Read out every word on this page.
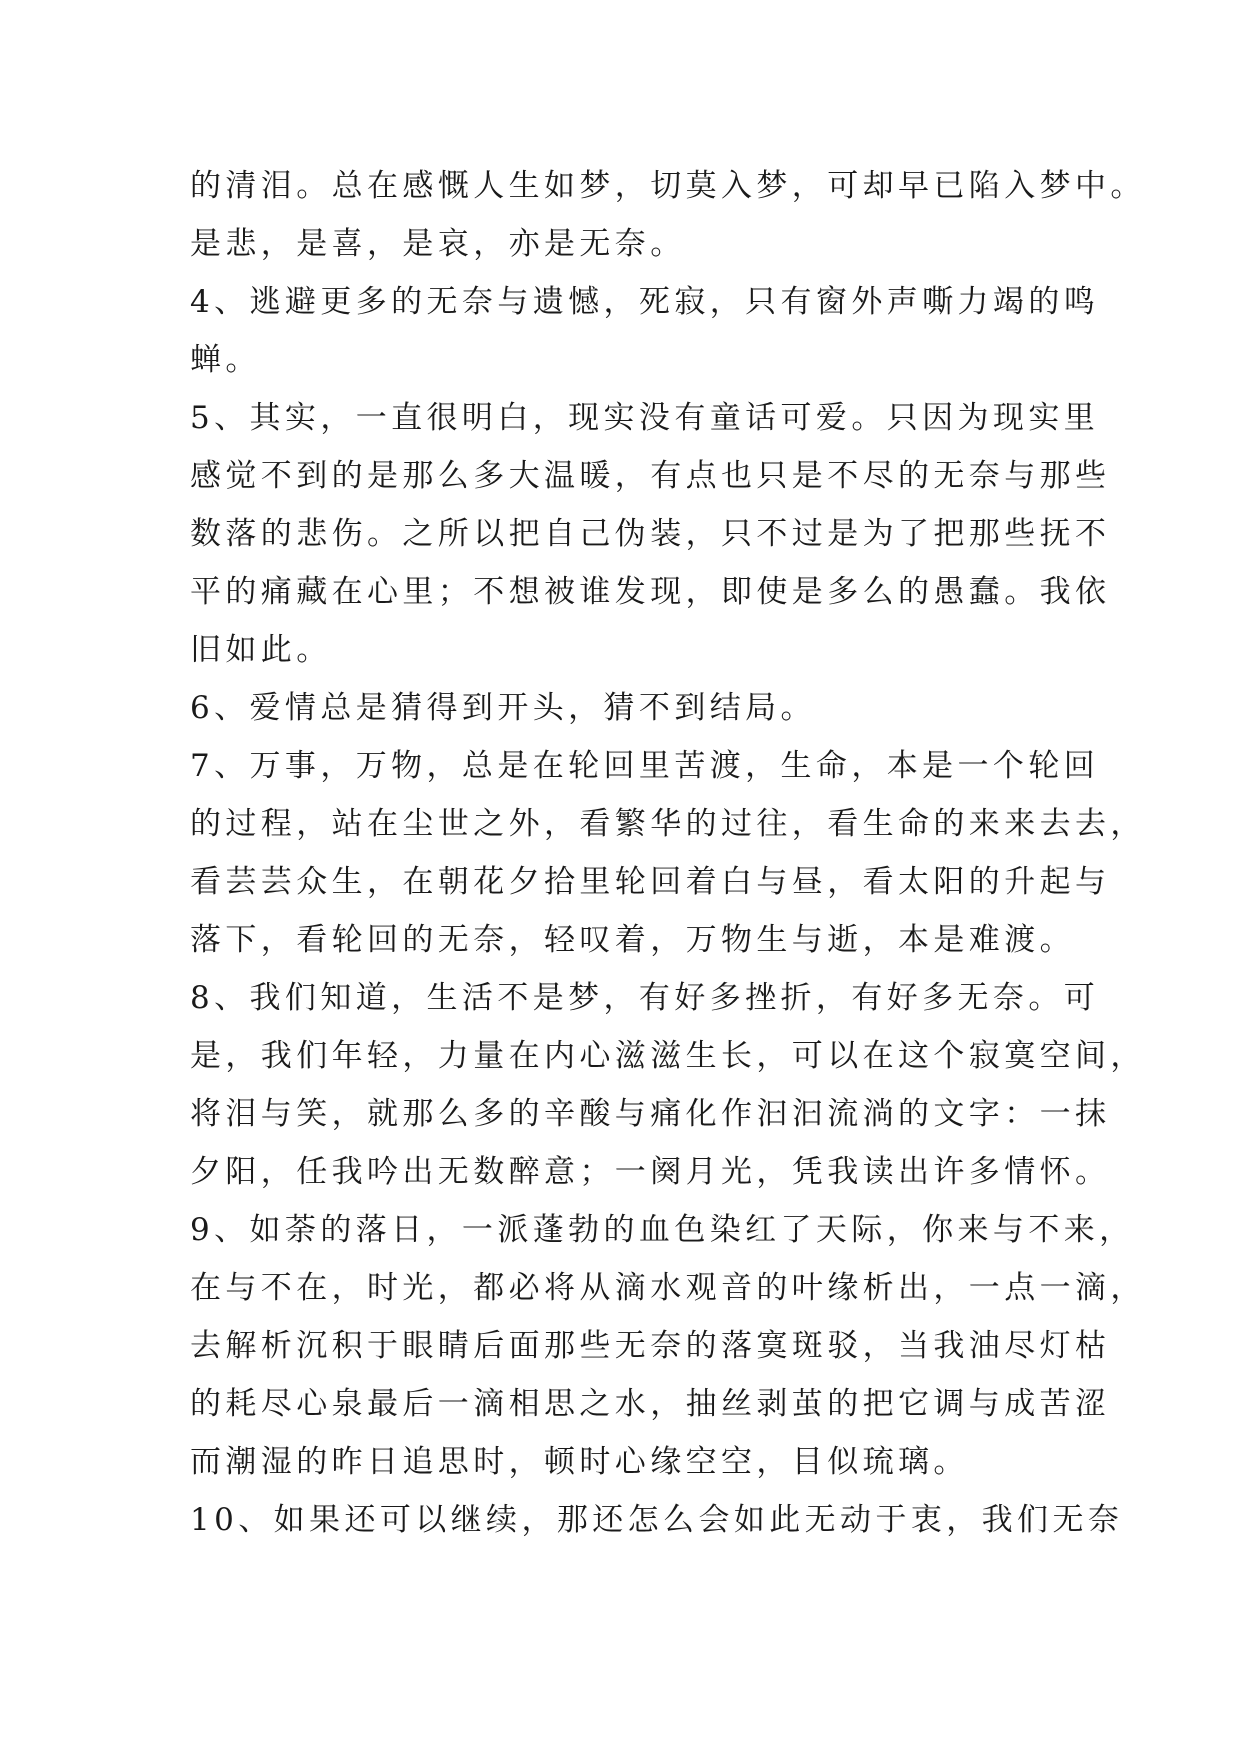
的清泪。总在感慨人生如梦，切莫入梦，可却早已陷入梦中。
是悲，是喜，是哀，亦是无奈。
4、逃避更多的无奈与遗憾，死寂，只有窗外声嘶力竭的鸣
蝉。
5、其实，一直很明白，现实没有童话可爱。只因为现实里
感觉不到的是那么多大温暖，有点也只是不尽的无奈与那些
数落的悲伤。之所以把自己伪装，只不过是为了把那些抚不
平的痛藏在心里；不想被谁发现，即使是多么的愚蠢。我依
旧如此。
6、爱情总是猜得到开头，猜不到结局。
7、万事，万物，总是在轮回里苦渡，生命，本是一个轮回
的过程，站在尘世之外，看繁华的过往，看生命的来来去去，
看芸芸众生，在朝花夕拾里轮回着白与昼，看太阳的升起与
落下，看轮回的无奈，轻叹着，万物生与逝，本是难渡。
8、我们知道，生活不是梦，有好多挫折，有好多无奈。可
是，我们年轻，力量在内心滋滋生长，可以在这个寂寞空间，
将泪与笑，就那么多的辛酸与痛化作汩汩流淌的文字：一抹
夕阳，任我吟出无数醉意；一阕月光，凭我读出许多情怀。
9、如荼的落日，一派蓬勃的血色染红了天际，你来与不来，
在与不在，时光，都必将从滴水观音的叶缘析出，一点一滴，
去解析沉积于眼睛后面那些无奈的落寞斑驳，当我油尽灯枯
的耗尽心泉最后一滴相思之水，抽丝剥茧的把它调与成苦涩
而潮湿的昨日追思时，顿时心缘空空，目似琉璃。
10、如果还可以继续，那还怎么会如此无动于衷，我们无奈
